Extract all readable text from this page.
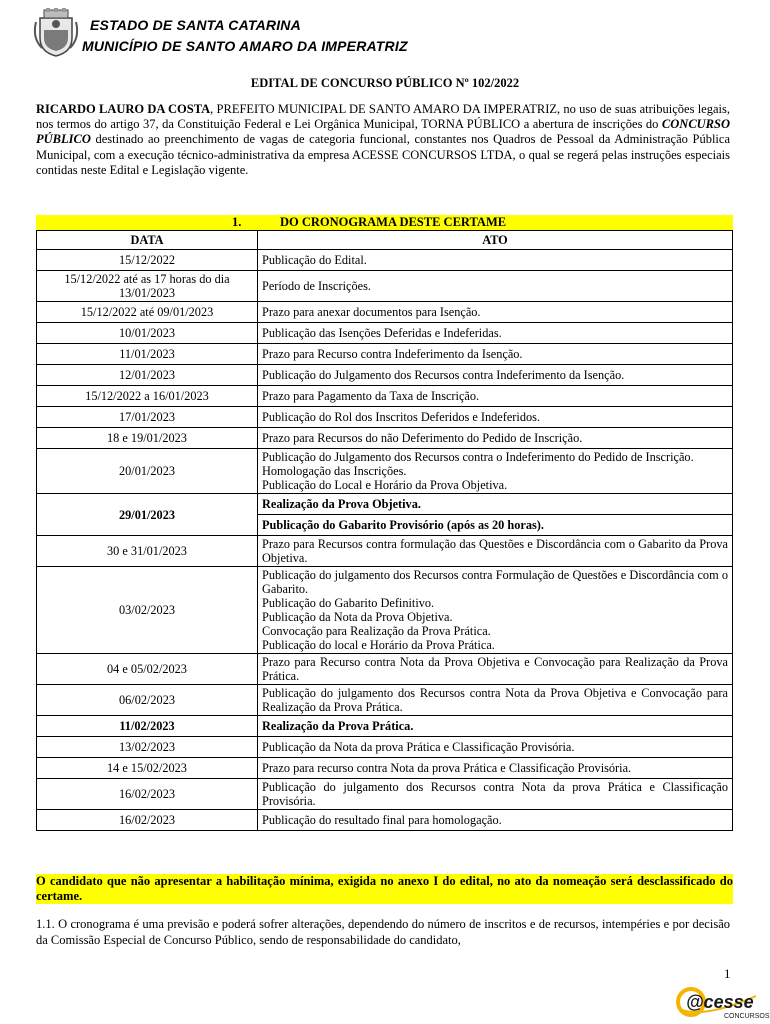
ESTADO DE SANTA CATARINA
MUNICÍPIO DE SANTO AMARO DA IMPERATRIZ
EDITAL DE CONCURSO PÚBLICO Nº 102/2022
RICARDO LAURO DA COSTA, PREFEITO MUNICIPAL DE SANTO AMARO DA IMPERATRIZ, no uso de suas atribuições legais, nos termos do artigo 37, da Constituição Federal e Lei Orgânica Municipal, TORNA PÚBLICO a abertura de inscrições do CONCURSO PÚBLICO destinado ao preenchimento de vagas de categoria funcional, constantes nos Quadros de Pessoal da Administração Pública Municipal, com a execução técnico-administrativa da empresa ACESSE CONCURSOS LTDA, o qual se regerá pelas instruções especiais contidas neste Edital e Legislação vigente.
1.	DO CRONOGRAMA DESTE CERTAME
DATA	ATO
15/12/2022	Publicação do Edital.

15/12/2022 até as 17 horas do dia 13/01/2023	Período de Inscrições.

15/12/2022 até 09/01/2023	Prazo para anexar documentos para Isenção.

10/01/2023	Publicação das Isenções Deferidas e Indeferidas.

11/01/2023	Prazo para Recurso contra Indeferimento da Isenção.

12/01/2023	Publicação do Julgamento dos Recursos contra Indeferimento da Isenção.

15/12/2022 a 16/01/2023	Prazo para Pagamento da Taxa de Inscrição.

17/01/2023	Publicação do Rol dos Inscritos Deferidos e Indeferidos.

18 e 19/01/2023	Prazo para Recursos do não Deferimento do Pedido de Inscrição.

20/01/2023	Publicação do Julgamento dos Recursos contra o Indeferimento do Pedido de Inscrição.
Homologação das Inscrições.
Publicação do Local e Horário da Prova Objetiva.

29/01/2023	Realização da Prova Objetiva.
	Publicação do Gabarito Provisório (após as 20 horas).
30 e 31/01/2023	Prazo para Recursos contra formulação das Questões e Discordância com o Gabarito da Prova Objetiva.

03/02/2023	Publicação do julgamento dos Recursos contra Formulação de Questões e Discordância com o Gabarito.
Publicação do Gabarito Definitivo.
Publicação da Nota da Prova Objetiva.
Convocação para Realização da Prova Prática.
Publicação do local e Horário da Prova Prática.

04 e 05/02/2023	Prazo para Recurso contra Nota da Prova Objetiva e Convocação para Realização da Prova Prática.

06/02/2023	Publicação do julgamento dos Recursos contra Nota da Prova Objetiva e Convocação para Realização da Prova Prática.

11/02/2023	Realização da Prova Prática.
13/02/2023	Publicação da Nota da prova Prática e Classificação Provisória.

14 e 15/02/2023	Prazo para recurso contra Nota da prova Prática e Classificação Provisória.

16/02/2023	Publicação do julgamento dos Recursos contra Nota da prova Prática e Classificação Provisória.

16/02/2023	Publicação do resultado final para homologação.
O candidato que não apresentar a habilitação mínima, exigida no anexo I do edital, no ato da nomeação será desclassificado do certame.
1.1. O cronograma é uma previsão e poderá sofrer alterações, dependendo do número de inscritos e de recursos, intempéries e por decisão da Comissão Especial de Concurso Público, sendo de responsabilidade do candidato,
1
@cesse
CONCURSOS
